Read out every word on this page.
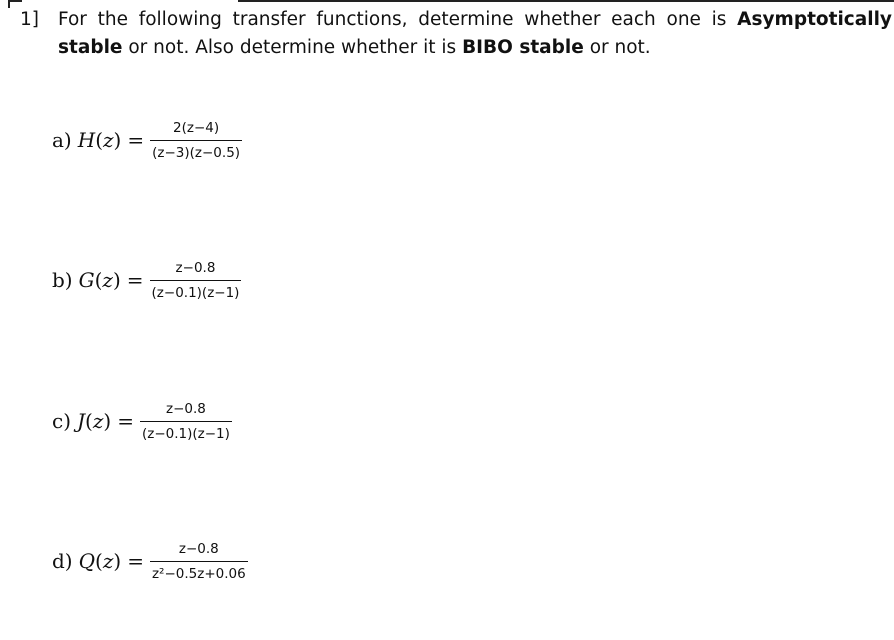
1] For the following transfer functions, determine whether each one is Asymptotically stable or not. Also determine whether it is BIBO stable or not.
a) $H(z) = \frac{2(z-4)}{(z-3)(z-0.5)}$
b) $G(z) = \frac{z-0.8}{(z-0.1)(z-1)}$
c) $J(z) = \frac{z-0.8}{(z-0.1)(z-1)}$
d) $Q(z) = \frac{z-0.8}{\text{z²−0.5z+0.06}}$
